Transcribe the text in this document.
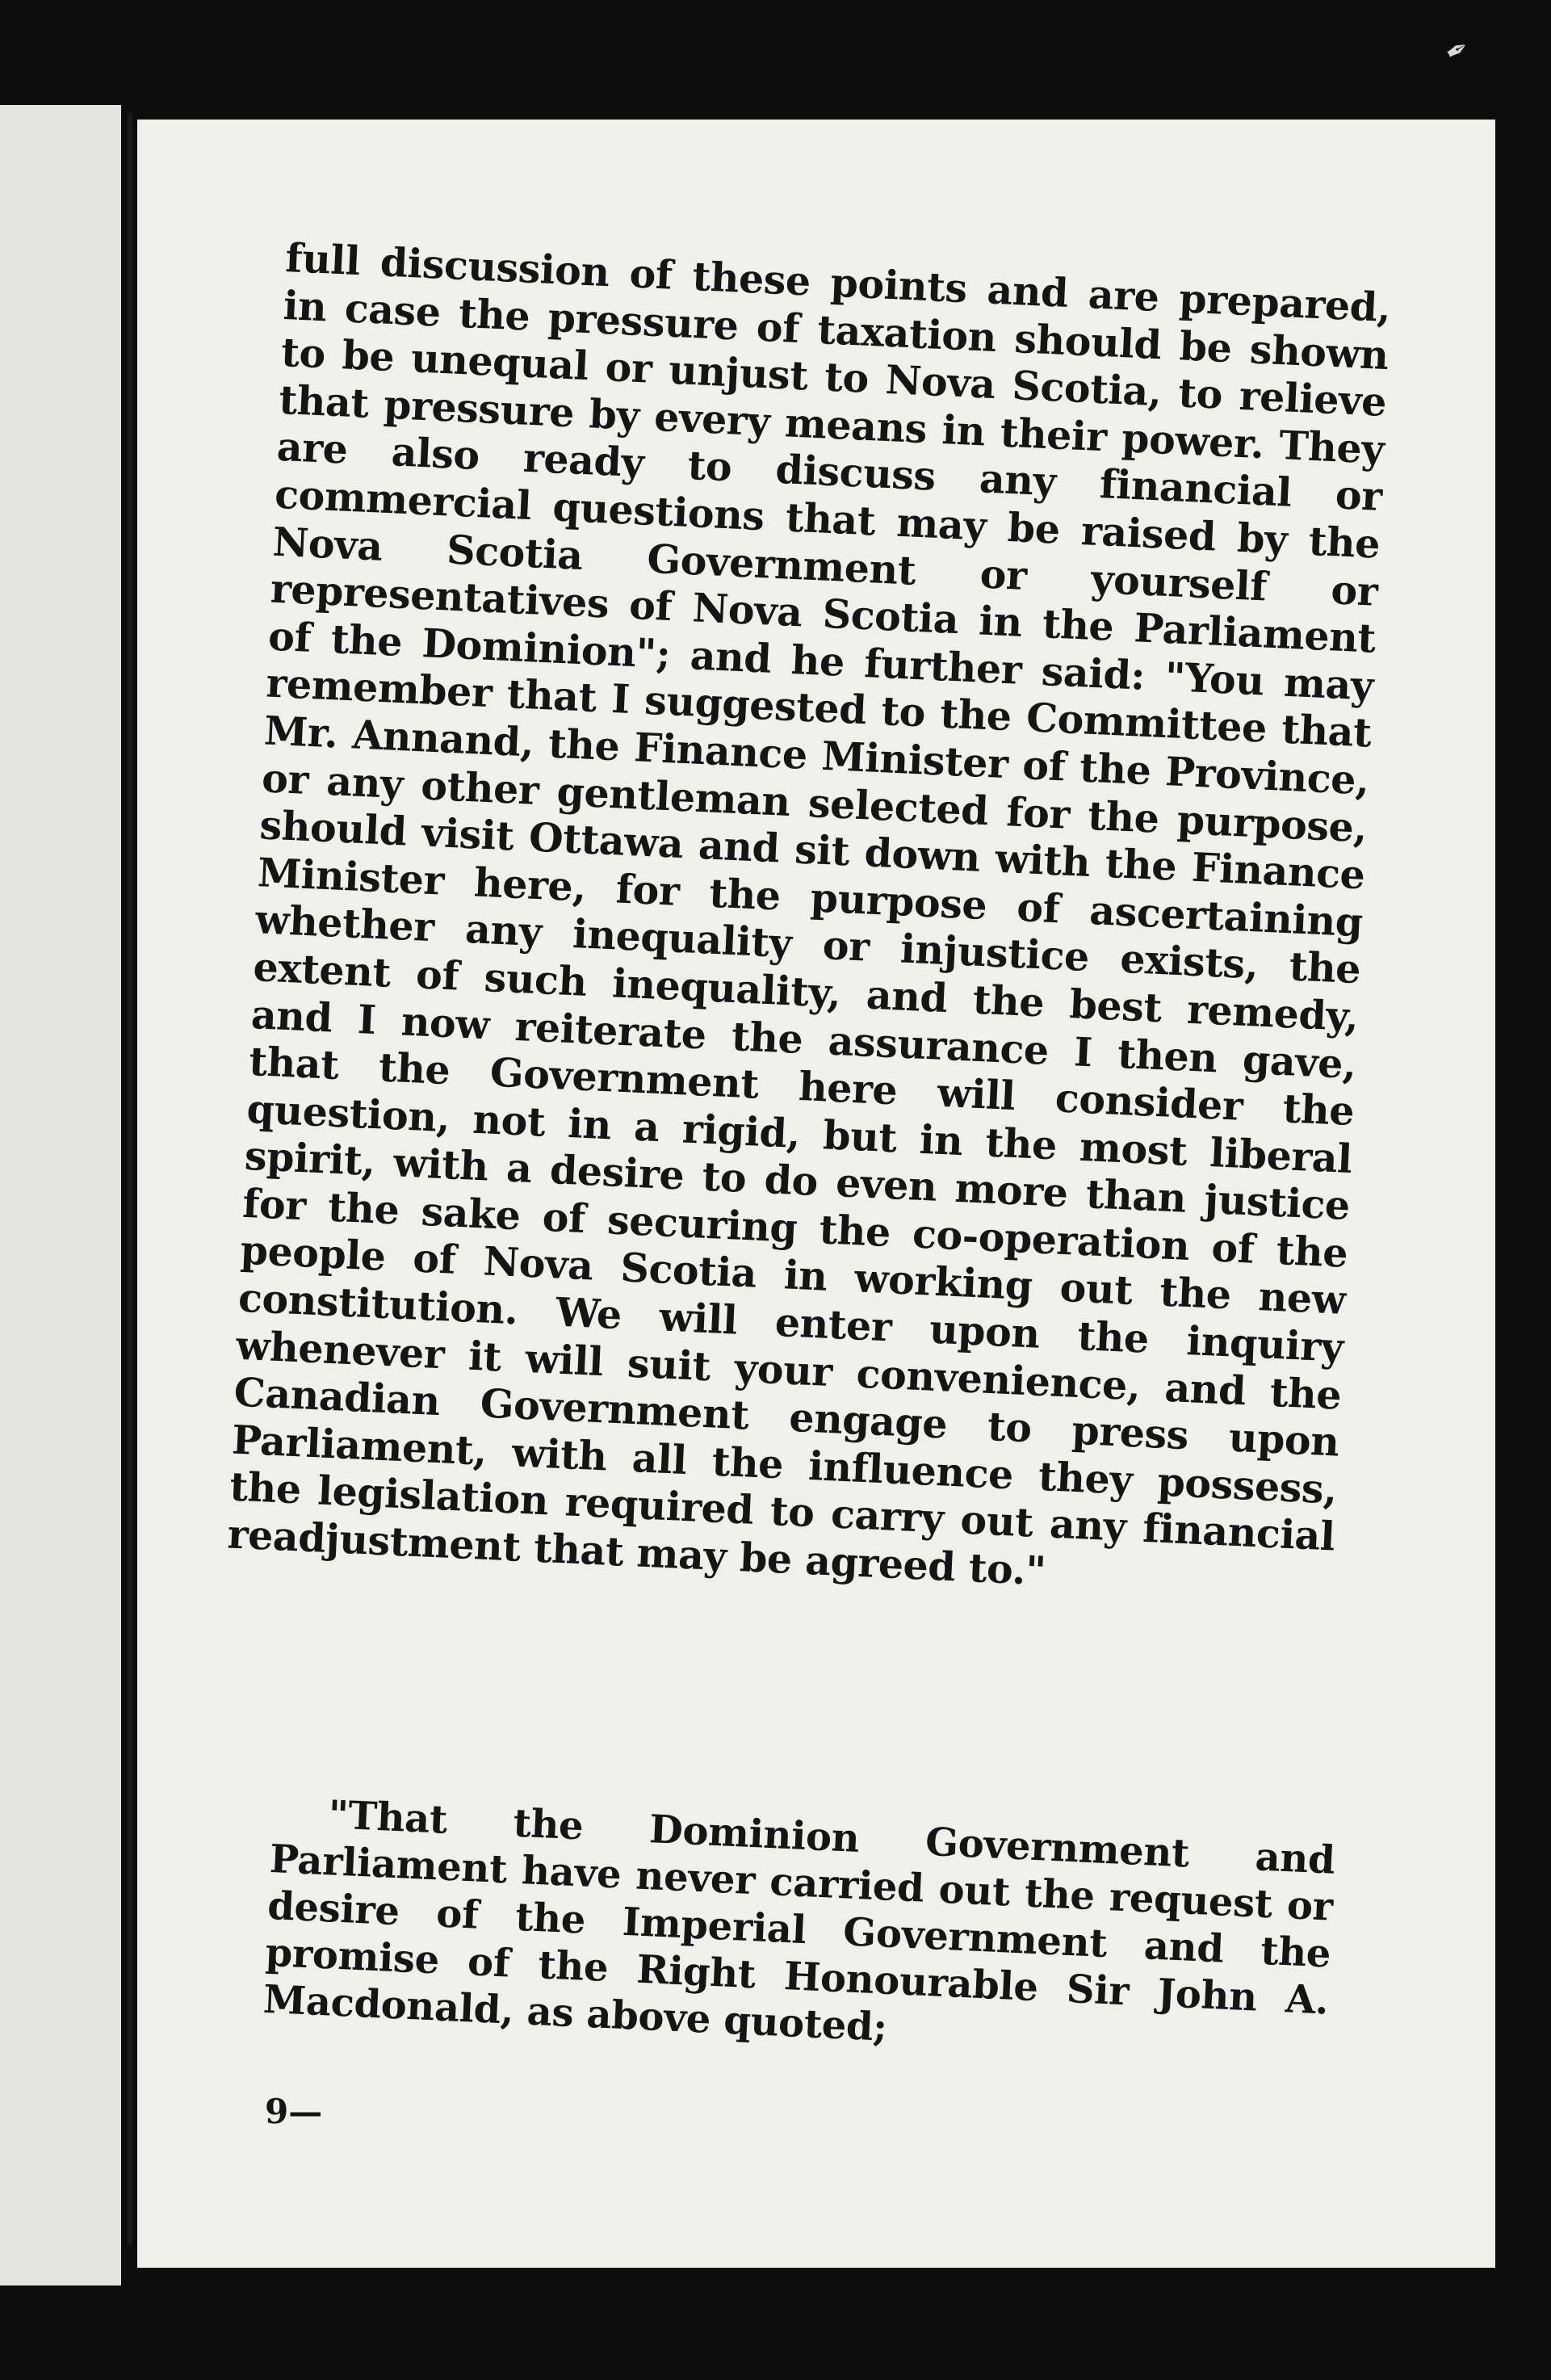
✒

full discussion of these points and are prepared, in case the pressure of taxation should be shown to be unequal or unjust to Nova Scotia, to relieve that pressure by every means in their power. They are also ready to discuss any financial or commercial questions that may be raised by the Nova Scotia Government or yourself or representatives of Nova Scotia in the Parliament of the Dominion"; and he further said: "You may remember that I suggested to the Committee that Mr. Annand, the Finance Minister of the Province, or any other gentleman selected for the purpose, should visit Ottawa and sit down with the Finance Minister here, for the purpose of ascertaining whether any inequality or injustice exists, the extent of such inequality, and the best remedy, and I now reiterate the assurance I then gave, that the Government here will consider the question, not in a rigid, but in the most liberal spirit, with a desire to do even more than justice for the sake of securing the co-operation of the people of Nova Scotia in working out the new constitution. We will enter upon the inquiry whenever it will suit your convenience, and the Canadian Government engage to press upon Parliament, with all the influence they possess, the legislation required to carry out any financial readjustment that may be agreed to."

"That the Dominion Government and Parliament have never carried out the request or desire of the Imperial Government and the promise of the Right Honourable Sir John A. Macdonald, as above quoted;

9—
